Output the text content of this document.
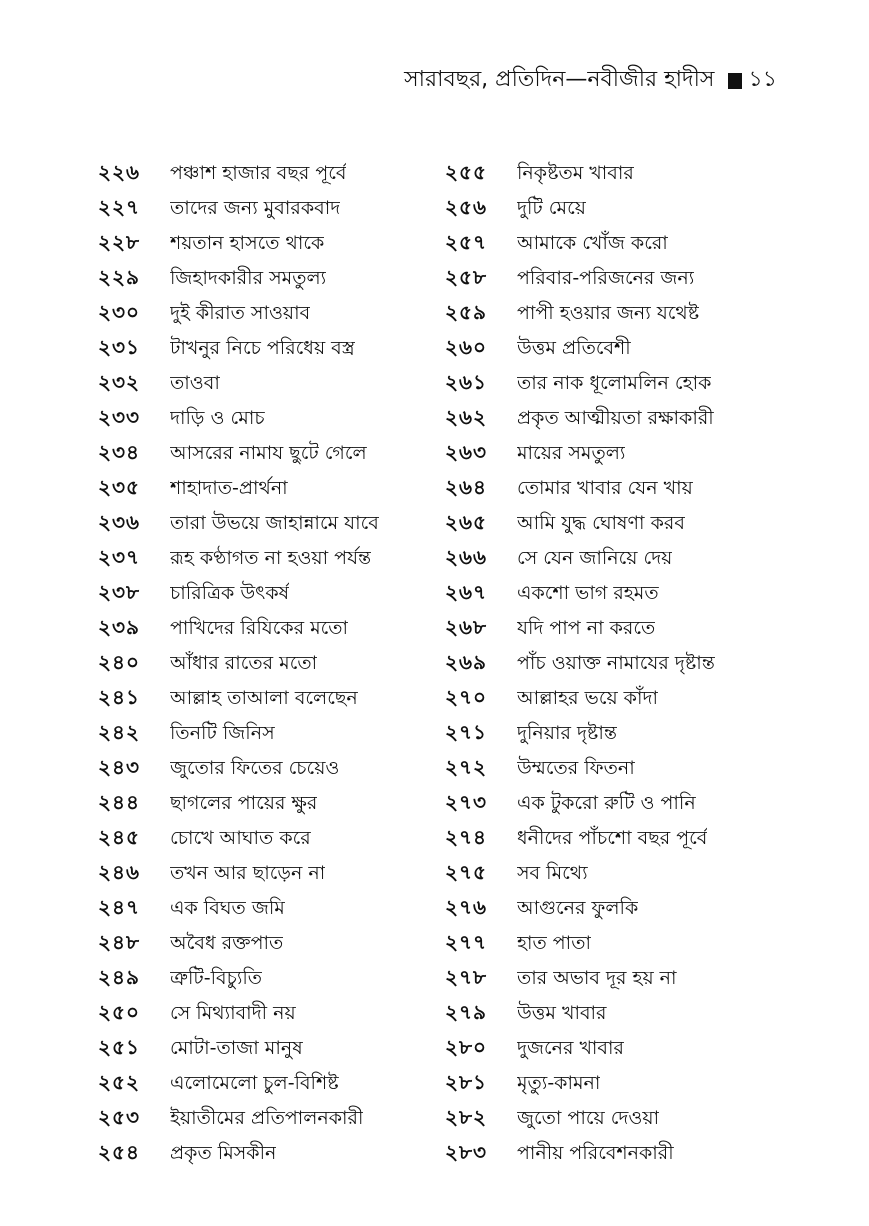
সারাবছর, প্রতিদিন—নবীজীর হাদীস ১১
২২৬	পঞ্চাশ হাজার বছর পূর্বে
২২৭	তাদের জন্য মুবারকবাদ
২২৮	শয়তান হাসতে থাকে
২২৯	জিহাদকারীর সমতুল্য
২৩০	দুই কীরাত সাওয়াব
২৩১	টাখনুর নিচে পরিধেয় বস্ত্র
২৩২	তাওবা
২৩৩	দাড়ি ও মোচ
২৩৪	আসরের নামায ছুটে গেলে
২৩৫	শাহাদাত-প্রার্থনা
২৩৬	তারা উভয়ে জাহান্নামে যাবে
২৩৭	রূহ কণ্ঠাগত না হওয়া পর্যন্ত
২৩৮	চারিত্রিক উৎকর্ষ
২৩৯	পাখিদের রিযিকের মতো
২৪০	আঁধার রাতের মতো
২৪১	আল্লাহ তাআলা বলেছেন
২৪২	তিনটি জিনিস
২৪৩	জুতোর ফিতের চেয়েও
২৪৪	ছাগলের পায়ের ক্ষুর
২৪৫	চোখে আঘাত করে
২৪৬	তখন আর ছাড়েন না
২৪৭	এক বিঘত জমি
২৪৮	অবৈধ রক্তপাত
২৪৯	ত্রুটি-বিচ্যুতি
২৫০	সে মিথ্যাবাদী নয়
২৫১	মোটা-তাজা মানুষ
২৫২	এলোমেলো চুল-বিশিষ্ট
২৫৩	ইয়াতীমের প্রতিপালনকারী
২৫৪	প্রকৃত মিসকীন
২৫৫	নিকৃষ্টতম খাবার
২৫৬	দুটি মেয়ে
২৫৭	আমাকে খোঁজ করো
২৫৮	পরিবার-পরিজনের জন্য
২৫৯	পাপী হওয়ার জন্য যথেষ্ট
২৬০	উত্তম প্রতিবেশী
২৬১	তার নাক ধূলোমলিন হোক
২৬২	প্রকৃত আত্মীয়তা রক্ষাকারী
২৬৩	মায়ের সমতুল্য
২৬৪	তোমার খাবার যেন খায়
২৬৫	আমি যুদ্ধ ঘোষণা করব
২৬৬	সে যেন জানিয়ে দেয়
২৬৭	একশো ভাগ রহমত
২৬৮	যদি পাপ না করতে
২৬৯	পাঁচ ওয়াক্ত নামাযের দৃষ্টান্ত
২৭০	আল্লাহর ভয়ে কাঁদা
২৭১	দুনিয়ার দৃষ্টান্ত
২৭২	উম্মতের ফিতনা
২৭৩	এক টুকরো রুটি ও পানি
২৭৪	ধনীদের পাঁচশো বছর পূর্বে
২৭৫	সব মিথ্যে
২৭৬	আগুনের ফুলকি
২৭৭	হাত পাতা
২৭৮	তার অভাব দূর হয় না
২৭৯	উত্তম খাবার
২৮০	দুজনের খাবার
২৮১	মৃত্যু-কামনা
২৮২	জুতো পায়ে দেওয়া
২৮৩	পানীয় পরিবেশনকারী
